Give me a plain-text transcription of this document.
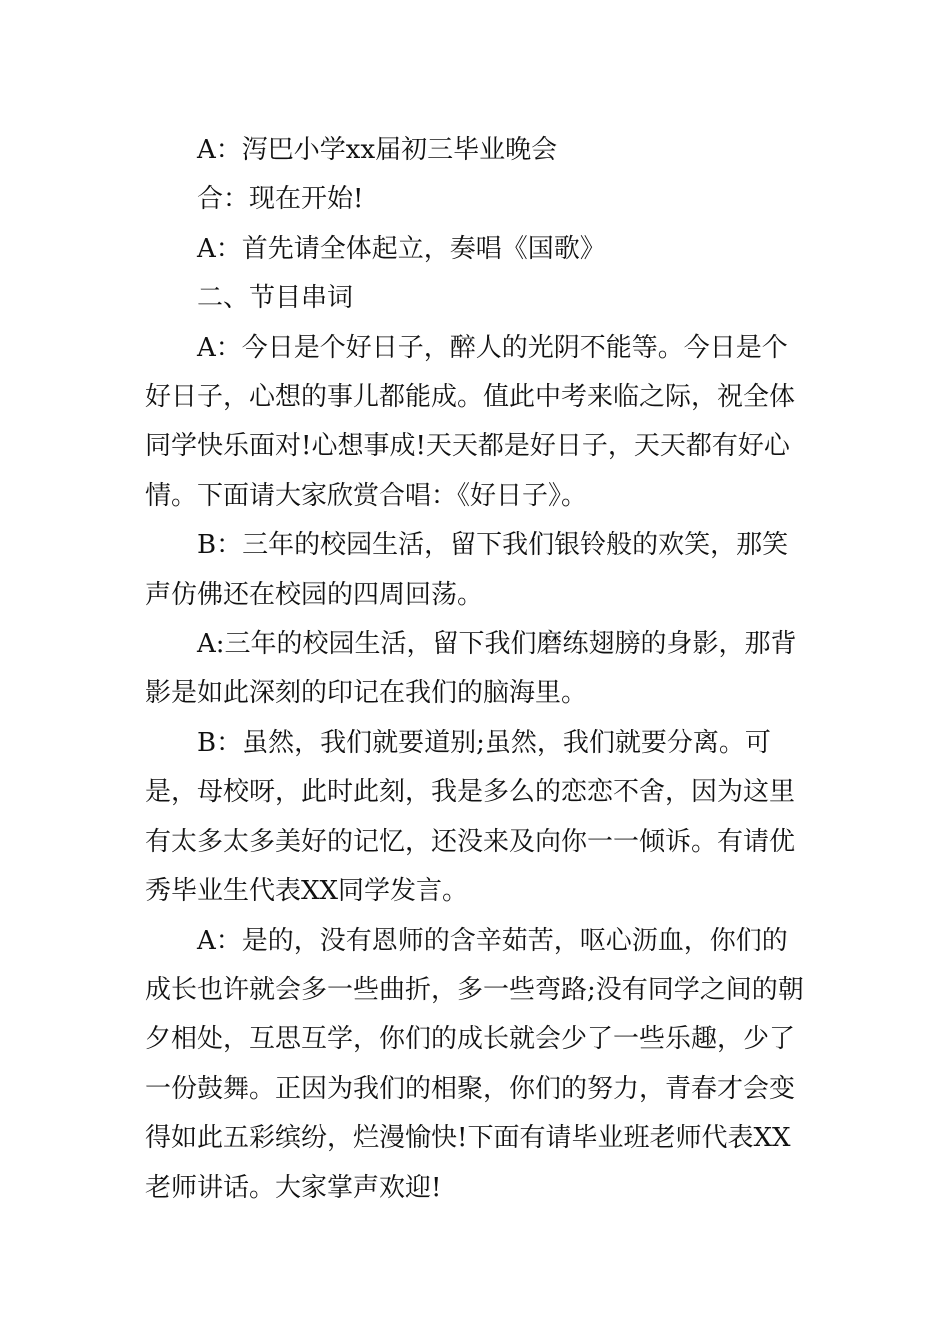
A：泻巴小学xx届初三毕业晚会

合：现在开始!

A：首先请全体起立，奏唱《国歌》

二、节目串词

A：今日是个好日子，醉人的光阴不能等。今日是个好日子，心想的事儿都能成。值此中考来临之际，祝全体同学快乐面对!心想事成!天天都是好日子，天天都有好心情。下面请大家欣赏合唱：《好日子》。

B：三年的校园生活，留下我们银铃般的欢笑，那笑声仿佛还在校园的四周回荡。

A:三年的校园生活，留下我们磨练翅膀的身影，那背影是如此深刻的印记在我们的脑海里。

B：虽然，我们就要道别;虽然，我们就要分离。可是，母校呀，此时此刻，我是多么的恋恋不舍，因为这里有太多太多美好的记忆，还没来及向你一一倾诉。有请优秀毕业生代表XX同学发言。

A：是的，没有恩师的含辛茹苦，呕心沥血，你们的成长也许就会多一些曲折，多一些弯路;没有同学之间的朝夕相处，互思互学，你们的成长就会少了一些乐趣，少了一份鼓舞。正因为我们的相聚，你们的努力，青春才会变得如此五彩缤纷，烂漫愉快!下面有请毕业班老师代表XX老师讲话。大家掌声欢迎!
